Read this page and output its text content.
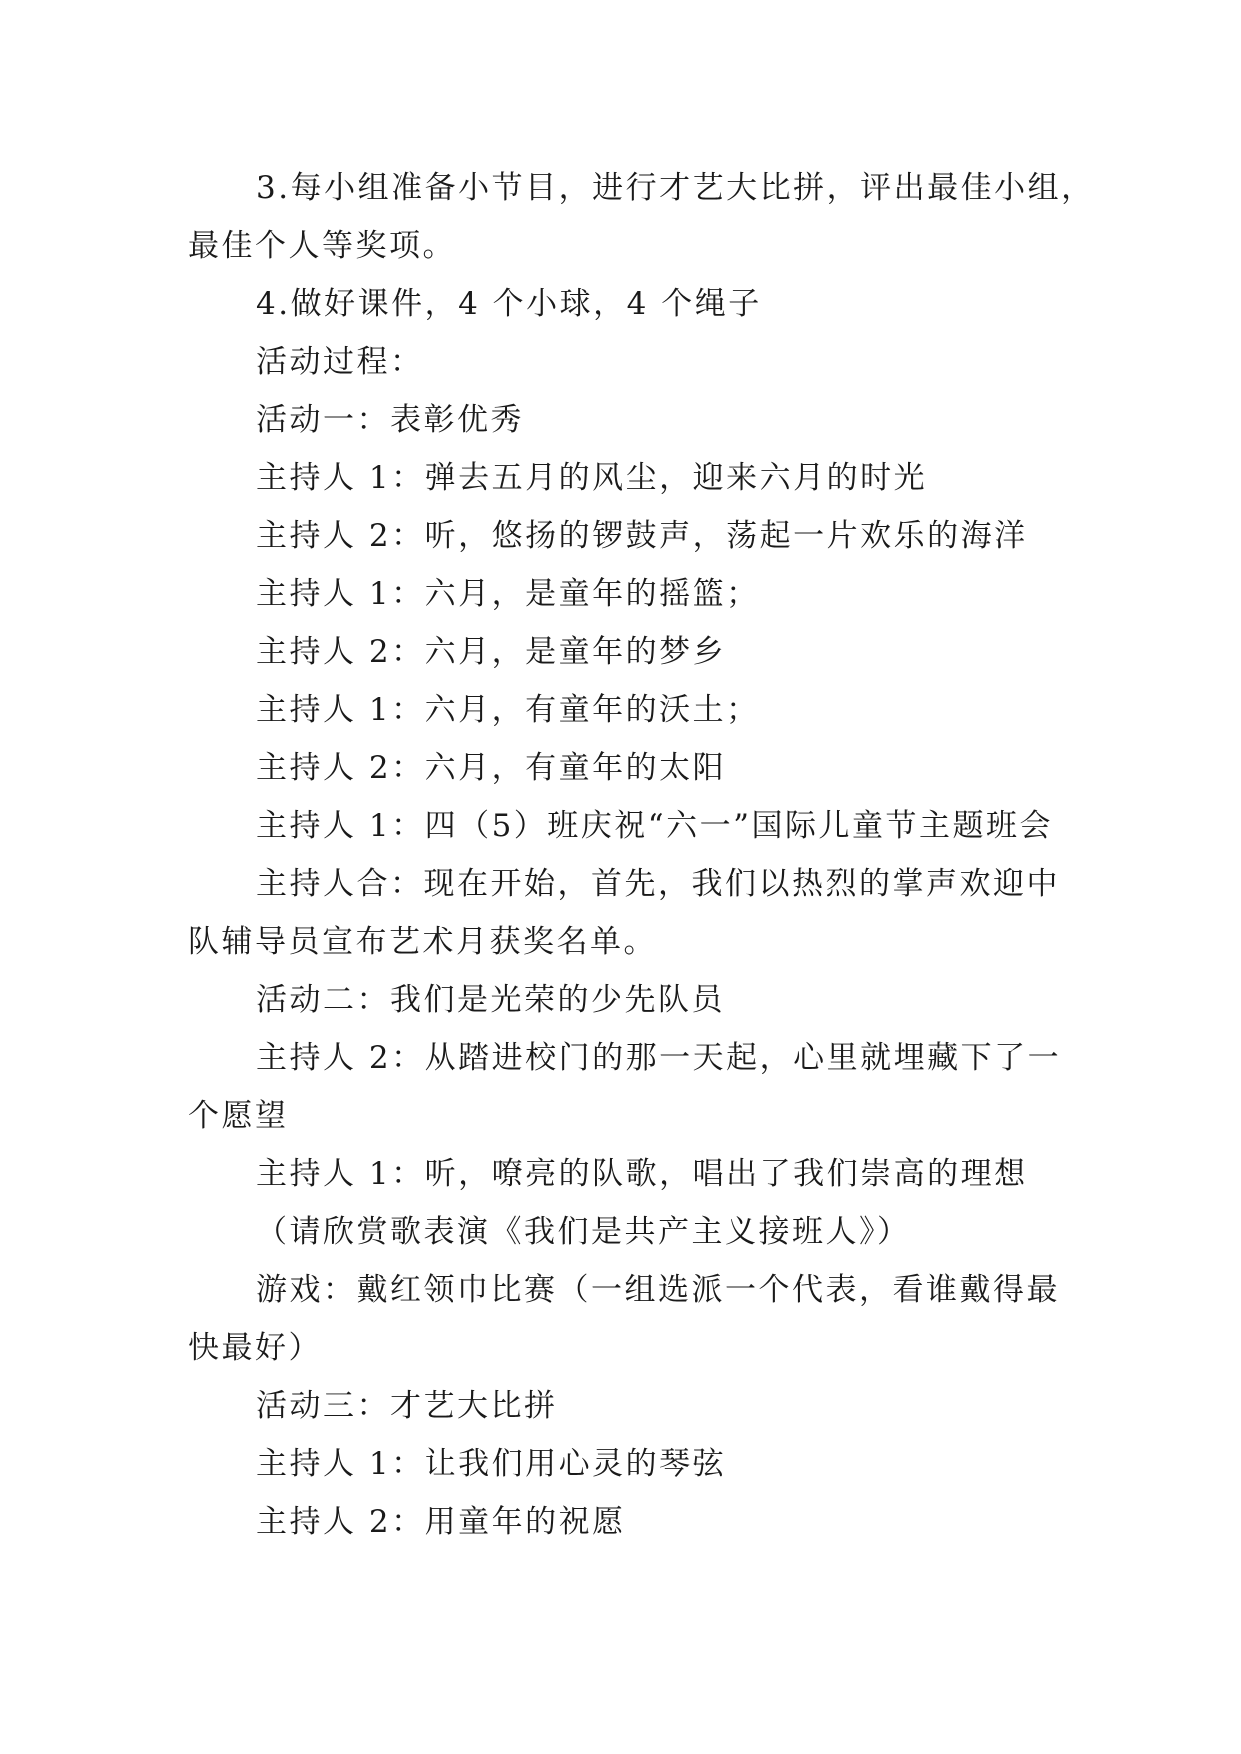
3.每小组准备小节目，进行才艺大比拼，评出最佳小组，
最佳个人等奖项。
4.做好课件，4 个小球，4 个绳子
活动过程：
活动一：表彰优秀
主持人 1：弹去五月的风尘，迎来六月的时光
主持人 2：听，悠扬的锣鼓声，荡起一片欢乐的海洋
主持人 1：六月，是童年的摇篮；
主持人 2：六月，是童年的梦乡
主持人 1：六月，有童年的沃土；
主持人 2：六月，有童年的太阳
主持人 1：四（5）班庆祝“六一”国际儿童节主题班会
主持人合：现在开始，首先，我们以热烈的掌声欢迎中
队辅导员宣布艺术月获奖名单。
活动二：我们是光荣的少先队员
主持人 2：从踏进校门的那一天起，心里就埋藏下了一
个愿望
主持人 1：听，嘹亮的队歌，唱出了我们崇高的理想
（请欣赏歌表演《我们是共产主义接班人》）
游戏：戴红领巾比赛（一组选派一个代表，看谁戴得最
快最好）
活动三：才艺大比拼
主持人 1：让我们用心灵的琴弦
主持人 2：用童年的祝愿
